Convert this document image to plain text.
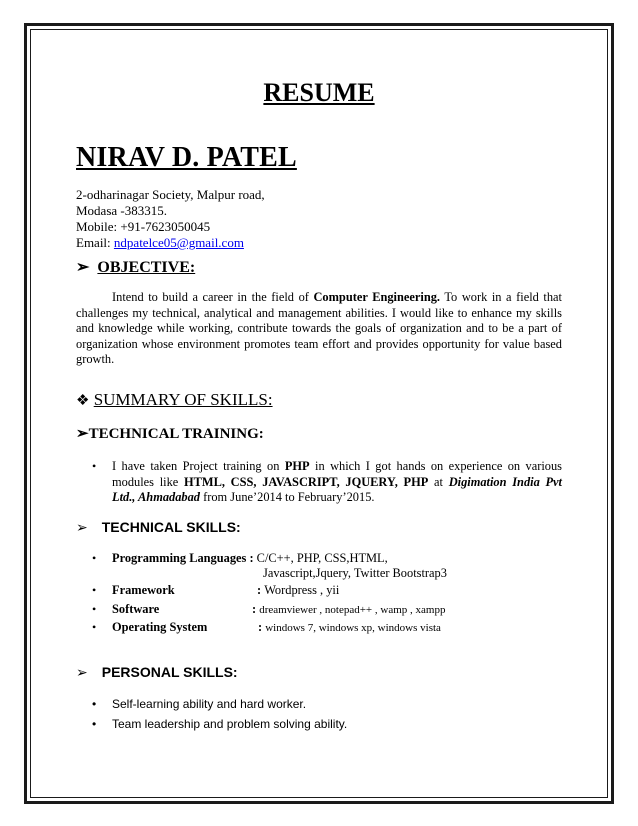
RESUME
NIRAV D. PATEL
2-odharinagar Society, Malpur road,
Modasa -383315.
Mobile: +91-7623050045
Email: ndpatelce05@gmail.com
➢ OBJECTIVE:
Intend to build a career in the field of Computer Engineering. To work in a field that challenges my technical, analytical and management abilities. I would like to enhance my skills and knowledge while working, contribute towards the goals of organization and to be a part of organization whose environment promotes team effort and provides opportunity for value based growth.
❖ SUMMARY OF SKILLS:
➢TECHNICAL TRAINING:
•	I have taken Project training on PHP in which I got hands on experience on various modules like HTML, CSS, JAVASCRIPT, JQUERY, PHP at Digimation India Pvt Ltd., Ahmadabad from June’2014 to February’2015.
➢ TECHNICAL SKILLS:
• Programming Languages : C/C++, PHP, CSS,HTML,
Javascript,Jquery, Twitter Bootstrap3
• Framework	: Wordpress , yii
• Software	: dreamviewer , notepad++ , wamp , xampp
• Operating System	: windows 7, windows xp, windows vista
➢ PERSONAL SKILLS:
• Self-learning ability and hard worker.
• Team leadership and problem solving ability.
